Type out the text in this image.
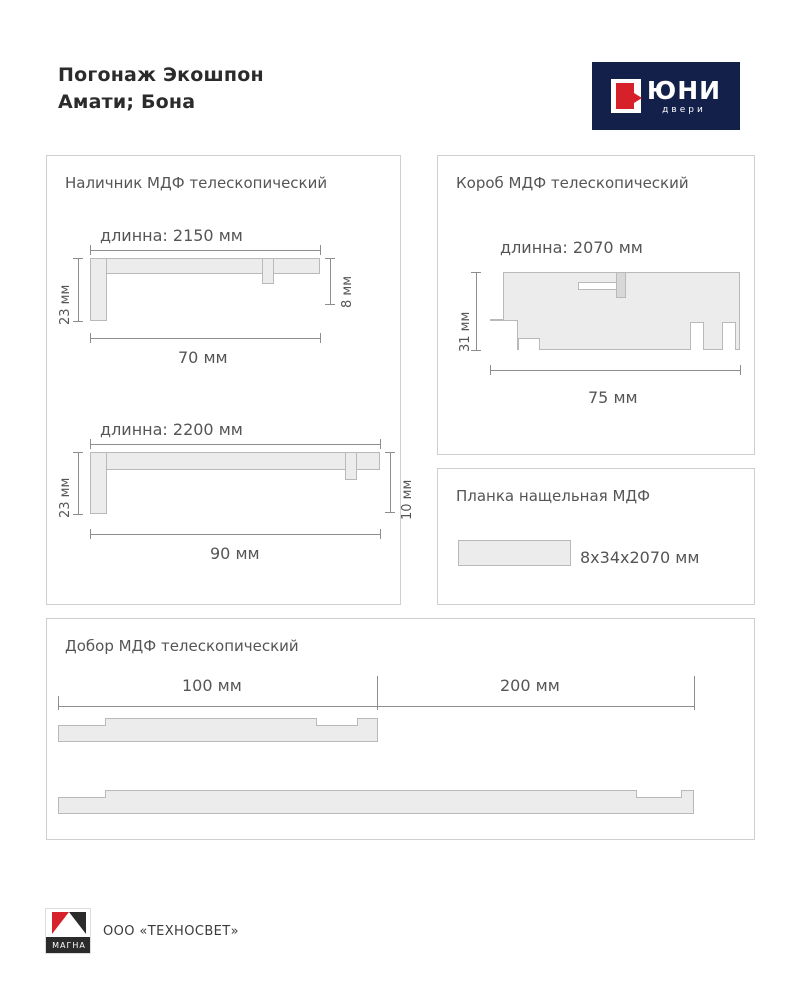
Погонаж Экошпон
Амати; Бона	ЮНИ
двери
Наличник МДФ телескопический
длинна: 2150 мм
23 мм	8 мм
70 мм
длинна: 2200 мм
23 мм	10 мм
90 мм
Короб МДФ телескопический
длинна: 2070 мм
31 мм
75 мм
Планка нащельная МДФ
8х34х2070 мм
Добор МДФ телескопический
100 мм	200 мм
МАГНА
ООО «ТЕХНОСВЕТ»
